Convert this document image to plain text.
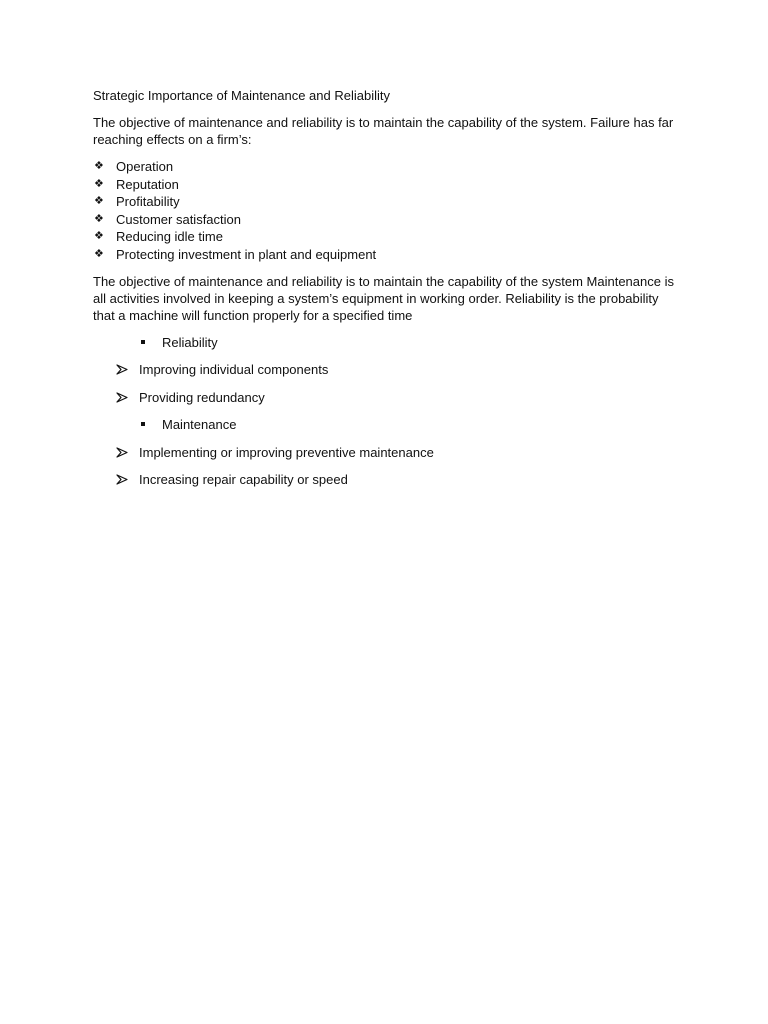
Strategic Importance of Maintenance and Reliability

The objective of maintenance and reliability is to maintain the capability of the system. Failure has far reaching effects on a firm’s:

❖ Operation
❖ Reputation
❖ Profitability
❖ Customer satisfaction
❖ Reducing idle time
❖ Protecting investment in plant and equipment

The objective of maintenance and reliability is to maintain the capability of the system Maintenance is all activities involved in keeping a system’s equipment in working order. Reliability is the probability that a machine will function properly for a specified time

Reliability
Improving individual components
Providing redundancy
Maintenance
Implementing or improving preventive maintenance
Increasing repair capability or speed
